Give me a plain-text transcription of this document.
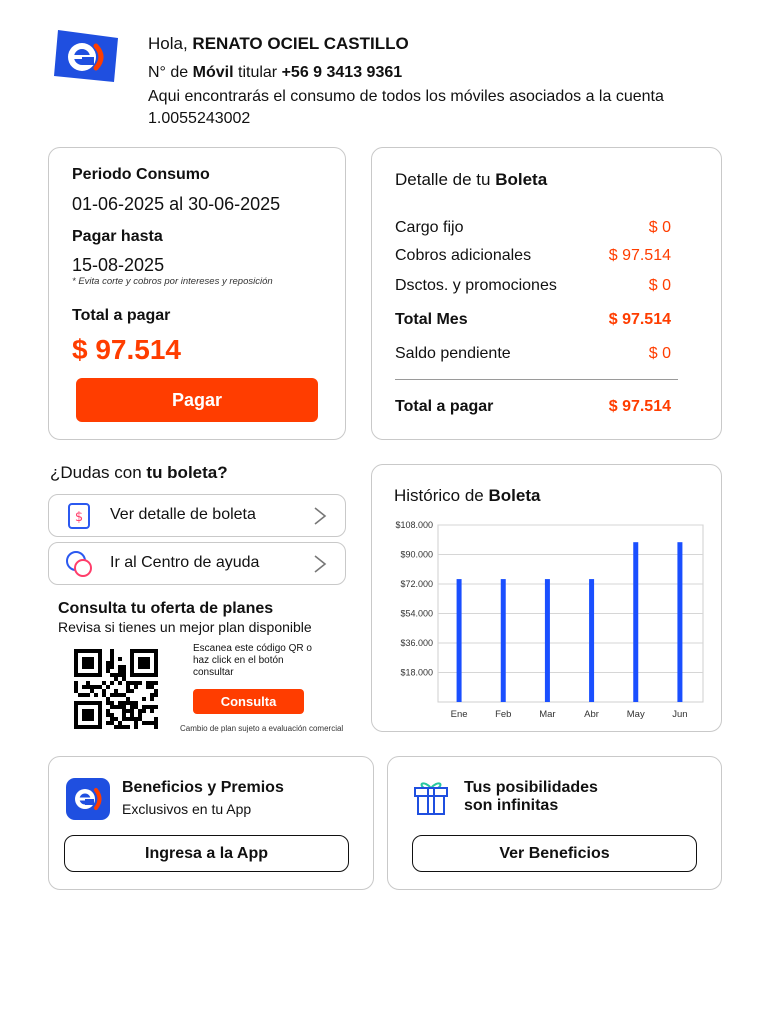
Hola, RENATO OCIEL CASTILLO
N° de Móvil titular +56 9 3413 9361
Aqui encontrarás el consumo de todos los móviles asociados a la cuenta 1.0055243002
Periodo Consumo
01-06-2025 al 30-06-2025
Pagar hasta
15-08-2025
* Evita corte y cobros por intereses y reposición
Total a pagar
$ 97.514
Pagar
Detalle de tu Boleta
Cargo fijo	$ 0
Cobros adicionales	$ 97.514
Dsctos. y promociones	$ 0
Total Mes	$ 97.514
Saldo pendiente	$ 0
Total a pagar	$ 97.514
¿Dudas con tu boleta?
$ Ver detalle de boleta
Ir al Centro de ayuda
Consulta tu oferta de planes
Revisa si tienes un mejor plan disponible
Escanea este código QR o haz click en el botón consultar
Consulta
Cambio de plan sujeto a evaluación comercial
Histórico de Boleta
$18.000
$36.000
$54.000
$72.000
$90.000
$108.000
Ene	Feb	Mar	Abr	May	Jun
Beneficios y Premios
Exclusivos en tu App
Ingresa a la App
Tus posibilidades
son infinitas
Ver Beneficios
